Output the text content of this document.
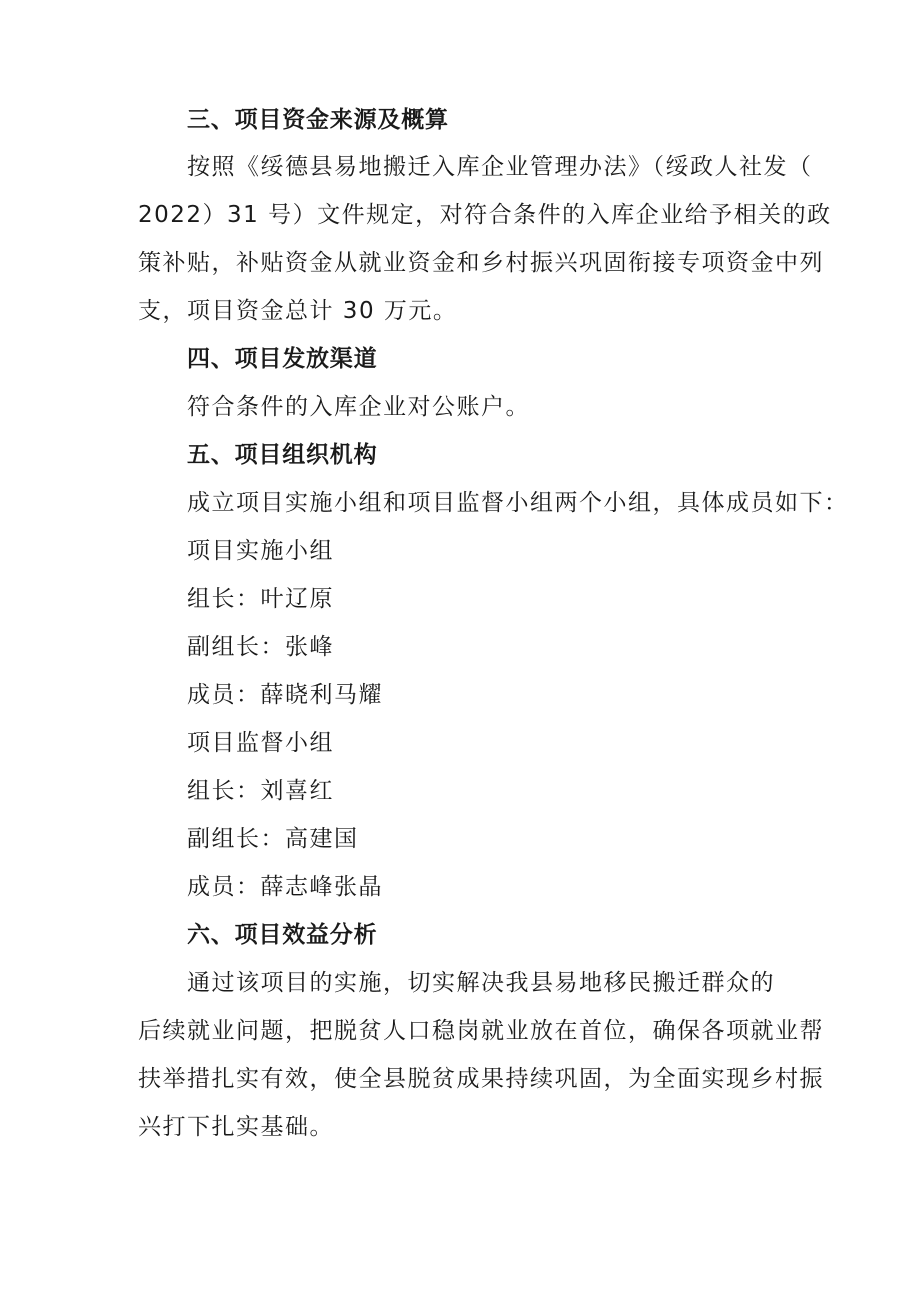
三、项目资金来源及概算
按照《绥德县易地搬迁入库企业管理办法》（绥政人社发（
2022）31 号）文件规定，对符合条件的入库企业给予相关的政
策补贴，补贴资金从就业资金和乡村振兴巩固衔接专项资金中列
支，项目资金总计 30 万元。
四、项目发放渠道
符合条件的入库企业对公账户。
五、项目组织机构
成立项目实施小组和项目监督小组两个小组，具体成员如下：
项目实施小组
组长：叶辽原
副组长：张峰
成员：薛晓利马耀
项目监督小组
组长：刘喜红
副组长：高建国
成员：薛志峰张晶
六、项目效益分析
通过该项目的实施，切实解决我县易地移民搬迁群众的
后续就业问题，把脱贫人口稳岗就业放在首位，确保各项就业帮
扶举措扎实有效，使全县脱贫成果持续巩固，为全面实现乡村振
兴打下扎实基础。
